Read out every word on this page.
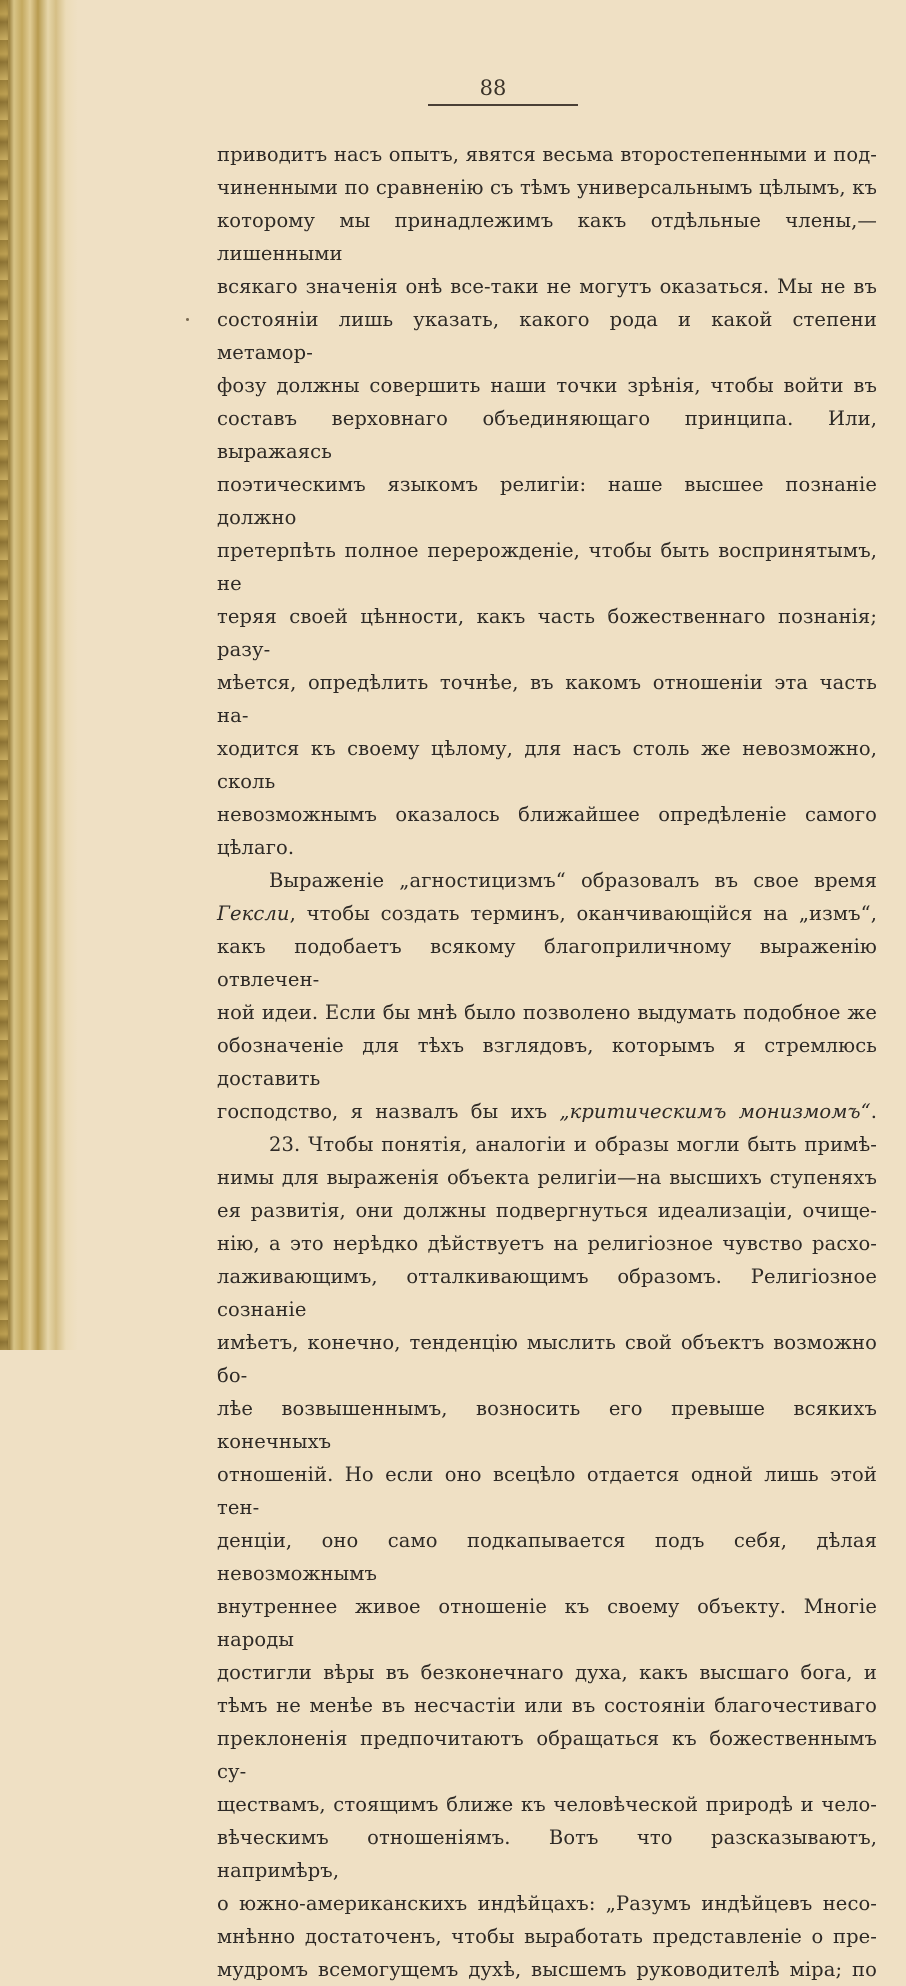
88

приводитъ насъ опытъ, явятся весьма второстепенными и под-

чиненными по сравненію съ тѣмъ универсальнымъ цѣлымъ, къ

которому мы принадлежимъ какъ отдѣльные члены,—лишенными

всякаго значенія онѣ все-таки не могутъ оказаться. Мы не въ

состояніи лишь указать, какого рода и какой степени метамор-

фозу должны совершить наши точки зрѣнія, чтобы войти въ

составъ верховнаго объединяющаго принципа. Или, выражаясь

поэтическимъ языкомъ религіи: наше высшее познаніе должно

претерпѣть полное перерожденіе, чтобы быть воспринятымъ, не

теряя своей цѣнности, какъ часть божественнаго познанія; разу-

мѣется, опредѣлить точнѣе, въ какомъ отношеніи эта часть на-

ходится къ своему цѣлому, для насъ столь же невозможно, сколь

невозможнымъ оказалось ближайшее опредѣленіе самого цѣлаго.

Выраженіе „агностицизмъ“ образовалъ въ свое время

Гексли, чтобы создать терминъ, оканчивающійся на „измъ“,

какъ подобаетъ всякому благоприличному выраженію отвлечен-

ной идеи. Если бы мнѣ было позволено выдумать подобное же

обозначеніе для тѣхъ взглядовъ, которымъ я стремлюсь доставить

господство, я назвалъ бы ихъ „критическимъ монизмомъ“.

23. Чтобы понятія, аналогіи и образы могли быть примѣ-

нимы для выраженія объекта религіи—на высшихъ ступеняхъ

ея развитія, они должны подвергнуться идеализаціи, очище-

нію, а это нерѣдко дѣйствуетъ на религіозное чувство расхо-

лаживающимъ, отталкивающимъ образомъ. Религіозное сознаніе

имѣетъ, конечно, тенденцію мыслить свой объектъ возможно бо-

лѣе возвышеннымъ, возносить его превыше всякихъ конечныхъ

отношеній. Но если оно всецѣло отдается одной лишь этой тен-

денціи, оно само подкапывается подъ себя, дѣлая невозможнымъ

внутреннее живое отношеніе къ своему объекту. Многіе народы

достигли вѣры въ безконечнаго духа, какъ высшаго бога, и

тѣмъ не менѣе въ несчастіи или въ состояніи благочестиваго

преклоненія предпочитаютъ обращаться къ божественнымъ су-

ществамъ, стоящимъ ближе къ человѣческой природѣ и чело-

вѣческимъ отношеніямъ. Вотъ что разсказываютъ, напримѣръ,

о южно-американскихъ индѣйцахъ: „Разумъ индѣйцевъ несо-

мнѣнно достаточенъ, чтобы выработать представленіе о пре-

мудромъ всемогущемъ духѣ, высшемъ руководителѣ міра; по
